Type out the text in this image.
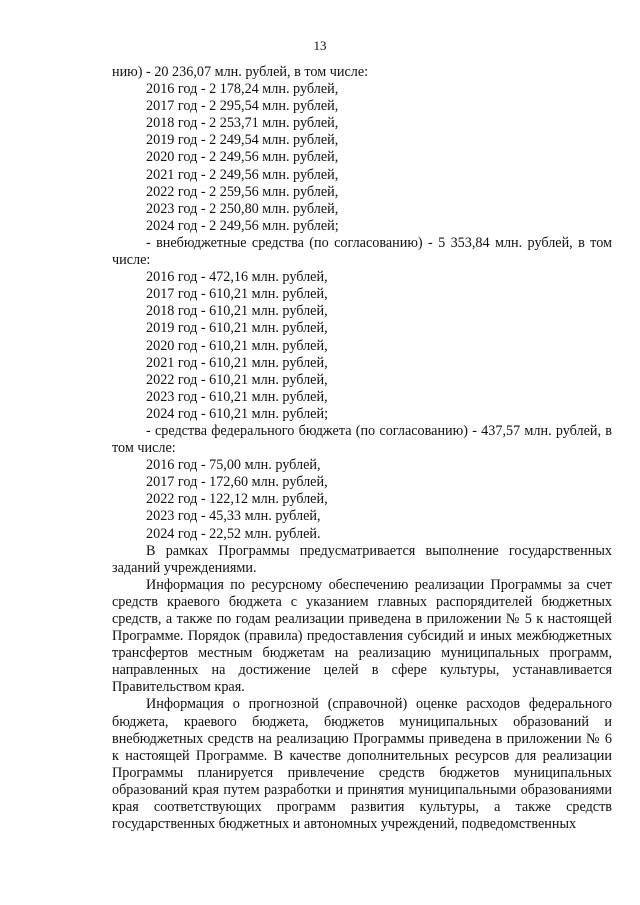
13
нию) - 20 236,07 млн. рублей, в том числе:
2016 год - 2 178,24 млн. рублей,
2017 год - 2 295,54 млн. рублей,
2018 год - 2 253,71 млн. рублей,
2019 год - 2 249,54 млн. рублей,
2020 год - 2 249,56 млн. рублей,
2021 год - 2 249,56 млн. рублей,
2022 год - 2 259,56 млн. рублей,
2023 год - 2 250,80 млн. рублей,
2024 год - 2 249,56 млн. рублей;
- внебюджетные средства (по согласованию) - 5 353,84 млн. рублей, в том числе:
2016 год - 472,16 млн. рублей,
2017 год - 610,21 млн. рублей,
2018 год - 610,21 млн. рублей,
2019 год - 610,21 млн. рублей,
2020 год - 610,21 млн. рублей,
2021 год - 610,21 млн. рублей,
2022 год - 610,21 млн. рублей,
2023 год - 610,21 млн. рублей,
2024 год - 610,21 млн. рублей;
- средства федерального бюджета (по согласованию) - 437,57 млн. рублей, в том числе:
2016 год - 75,00 млн. рублей,
2017 год - 172,60 млн. рублей,
2022 год - 122,12 млн. рублей,
2023 год - 45,33 млн. рублей,
2024 год - 22,52 млн. рублей.
В рамках Программы предусматривается выполнение государственных заданий учреждениями.
Информация по ресурсному обеспечению реализации Программы за счет средств краевого бюджета с указанием главных распорядителей бюджетных средств, а также по годам реализации приведена в приложении № 5 к настоящей Программе. Порядок (правила) предоставления субсидий и иных межбюджетных трансфертов местным бюджетам на реализацию муниципальных программ, направленных на достижение целей в сфере культуры, устанавливается Правительством края.
Информация о прогнозной (справочной) оценке расходов федерального бюджета, краевого бюджета, бюджетов муниципальных образований и внебюджетных средств на реализацию Программы приведена в приложении № 6 к настоящей Программе. В качестве дополнительных ресурсов для реализации Программы планируется привлечение средств бюджетов муниципальных образований края путем разработки и принятия муниципальными образованиями края соответствующих программ развития культуры, а также средств государственных бюджетных и автономных учреждений, подведомственных
